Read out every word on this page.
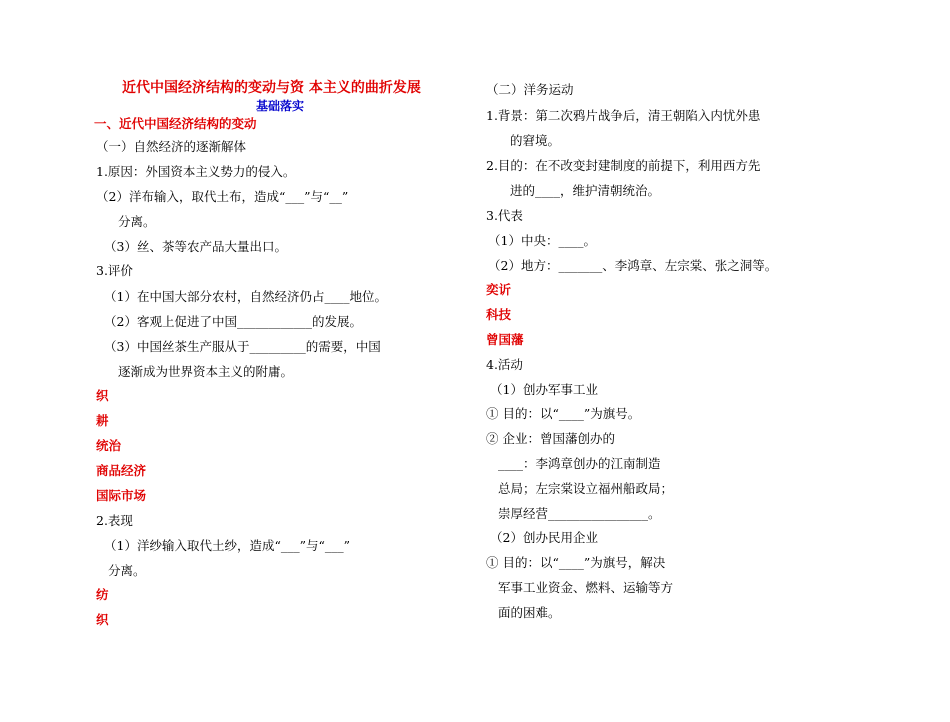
近代中国经济结构的变动与资 本主义的曲折发展
基础落实
一、近代中国经济结构的变动
（一）自然经济的逐渐解体
1.原因：外国资本主义势力的侵入。
（2）洋布输入，取代土布，造成“___”与“__”
分离。
（3）丝、茶等农产品大量出口。
3.评价
（1）在中国大部分农村，自然经济仍占____地位。
（2）客观上促进了中国____________的发展。
（3）中国丝茶生产服从于_________的需要，中国
逐渐成为世界资本主义的附庸。
织
耕
统治
商品经济
国际市场
2.表现
（1）洋纱输入取代土纱，造成“___”与“___”
分离。
纺
织
（二）洋务运动
1.背景：第二次鸦片战争后，清王朝陷入内忧外患
的窘境。
2.目的：在不改变封建制度的前提下，利用西方先
进的____，维护清朝统治。
3.代表
（1）中央：____。
（2）地方：_______、李鸿章、左宗棠、张之洞等。
奕䜣
科技
曾国藩
4.活动
（1）创办军事工业
① 目的：以“____”为旗号。
② 企业：曾国藩创办的
____：李鸿章创办的江南制造
总局；左宗棠设立福州船政局；
崇厚经营________________。
（2）创办民用企业
① 目的：以“____”为旗号，解决
军事工业资金、燃料、运输等方
面的困难。
